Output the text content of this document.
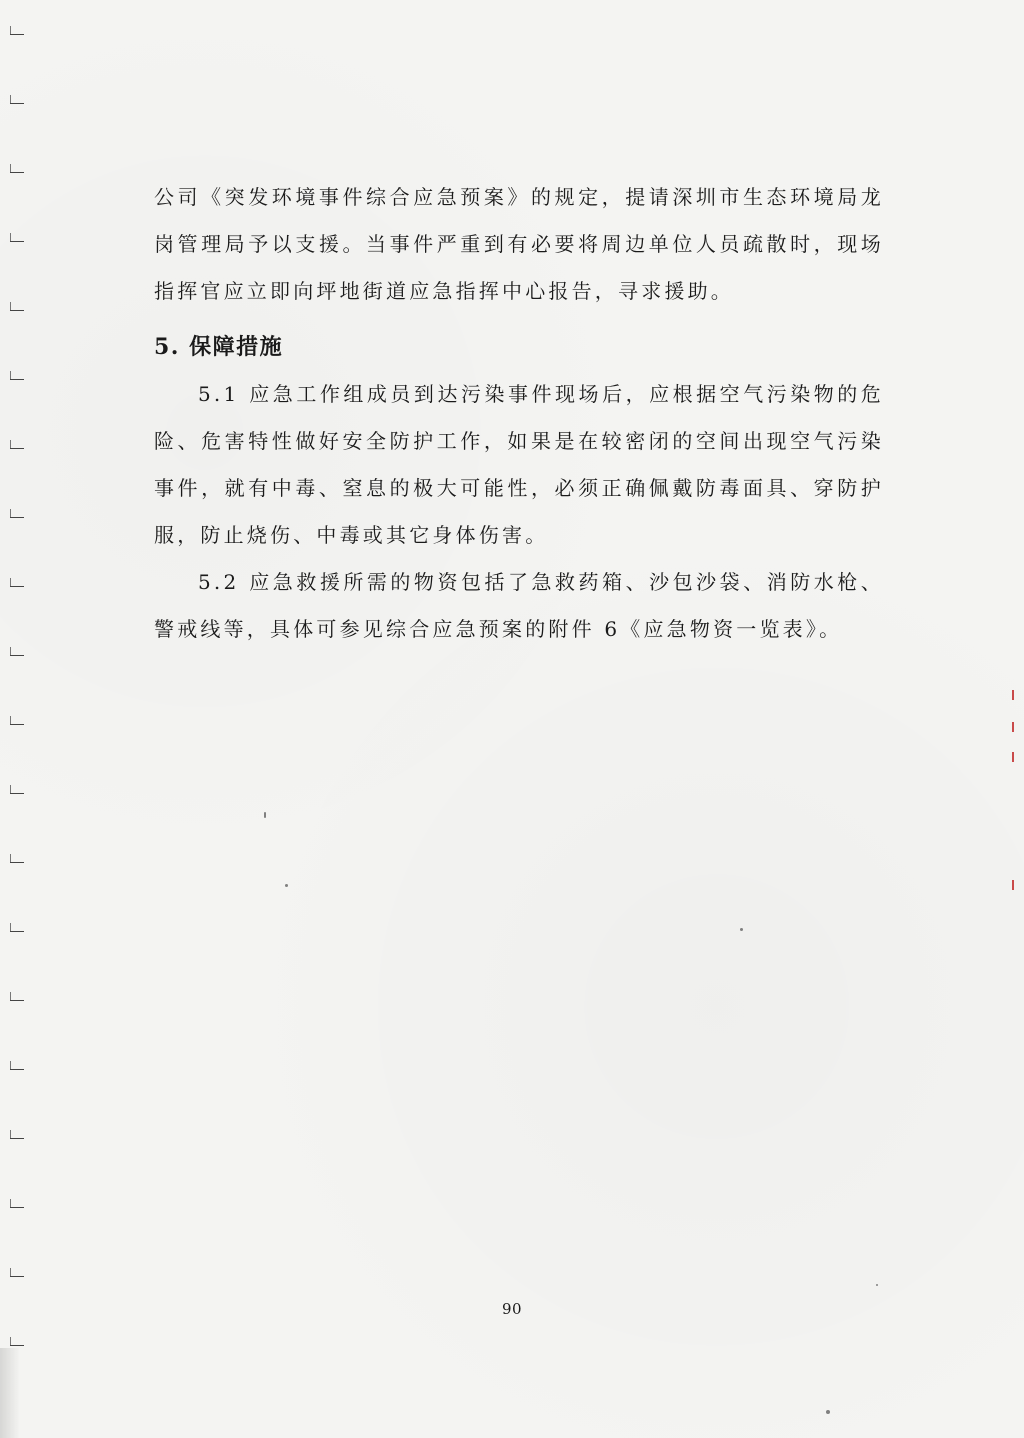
公司《突发环境事件综合应急预案》的规定，提请深圳市生态环境局龙岗管理局予以支援。当事件严重到有必要将周边单位人员疏散时，现场指挥官应立即向坪地街道应急指挥中心报告，寻求援助。

5. 保障措施

5.1 应急工作组成员到达污染事件现场后，应根据空气污染物的危险、危害特性做好安全防护工作，如果是在较密闭的空间出现空气污染事件，就有中毒、窒息的极大可能性，必须正确佩戴防毒面具、穿防护服，防止烧伤、中毒或其它身体伤害。

5.2 应急救援所需的物资包括了急救药箱、沙包沙袋、消防水枪、警戒线等，具体可参见综合应急预案的附件 6《应急物资一览表》。

90
